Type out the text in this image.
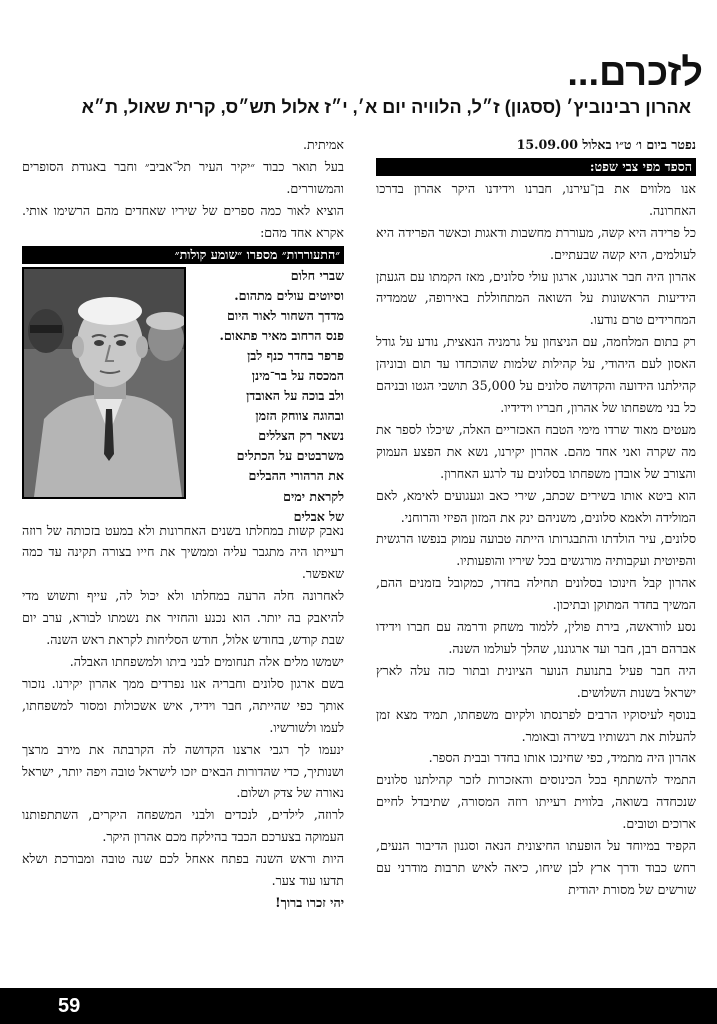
לזכרם...
אהרון רבינוביץ׳ (ססגון) ז״ל, הלוויה יום א׳, י״ז אלול תש״ס, קרית שאול, ת״א

נפטר ביום ו׳ ט״ו באלול 15.09.00

הספד מפי צבי שפט:

אנו מלווים את בן־עירנו, חברנו וידידנו היקר אהרון בדרכו האחרונה.

כל פרידה היא קשה, מעוררת מחשבות ודאגות וכאשר הפרידה היא לעולמים, היא קשה שבעתיים.

אהרון היה חבר ארגוננו, ארגון עולי סלונים, מאז הקמתו עם הגעתן הידיעות הראשונות על השואה המתחוללת באירופה, שממדיה המחרידים טרם נודעו.

רק בתום המלחמה, עם הניצחון על גרמניה הנאצית, נודע על גודל האסון לעם היהודי, על קהילות שלמות שהוכחדו עד תום ובוניהן קהילתנו הידועה והקדושה סלונים על 35,000 תושבי הגטו ובניהם כל בני משפחתו של אהרון, חבריו וידידיו.

מעטים מאוד שרדו מימי הטבח האכזריים האלה, שיכלו לספר את מה שקרה ואני אחד מהם. אהרון יקירנו, נשא את הפצע העמוק והצורב של אובדן משפחתו בסלונים עד לרגע האחרון.

הוא ביטא אותו בשירים שכתב, שירי כאב וגעגועים לאימא, לאם המולידה ולאמא סלונים, משניהם ינק את המזון הפיזי והרוחני.

סלונים, עיר הולדתו והתבגרותו הייתה טבועה עמוק בנפשו הרגשית והפיוטית ועקבותיה מורגשים בכל שיריו והופעותיו.

אהרון קבל חינוכו בסלונים תחילה בחדר, כמקובל בזמנים ההם, המשיך בחדר המתוקן ובתיכון.

נסע לווראשה, בירת פולין, ללמוד משחק ודרמה עם חברו וידידו אברהם רבן, חבר ועד ארגוננו, שהלך לעולמו השנה.

היה חבר פעיל בתנועת הנוער הציונית ובתור כזה עלה לארץ ישראל בשנות השלושים.

בנוסף לעיסוקיו הרבים לפרנסתו ולקיום משפחתו, תמיד מצא זמן להעלות את רגשותיו בשירה ובאומר.

אהרון היה מתמיד, כפי שחינכו אותו בחדר ובבית הספר.

התמיד להשתתף בכל הכינוסים והאזכרות לזכר קהילתנו סלונים שנכחדה בשואה, בלווית רעייתו רוזה המסורה, שתיבדל לחיים ארוכים וטובים.

הקפיד במיוחד על הופעתו החיצונית הנאה וסגנון הדיבור הנעים, רחש כבוד ודרך ארץ לבן שיחו, כיאה לאיש תרבות מודרני עם שורשים של מסורת יהודית

אמיתית.

בעל תואר כבוד ״יקיר העיר תל־אביב״ וחבר באגודת הסופרים והמשוררים.

הוציא לאור כמה ספרים של שיריו שאחדים מהם הרשימו אותי. אקרא אחד מהם:

״התעוררות״ מספרו ״שומע קולות״
שברי חלום
וסיוטים עולים מתהום.
מדדך השחור לאור היום
פנס הרחוב מאיר פתאום.
פרפר בחדר כנף לבן
המכסה על בר־מינן
ולב בוכה על האובדן
ובהוגה צווחק הזמן
נשאר רק הצללים
משרבטים על הכתלים
את הרהורי ההבלים
לקראת ימים
של אבלים

נאבק קשות במחלתו בשנים האחרונות ולא במעט בזכותה של רוזה רעייתו היה מתגבר עליה וממשיך את חייו בצורה תקינה עד כמה שאפשר.

לאחרונה חלה הרעה במחלתו ולא יכול לה, עייף ותשוש מדי להיאבק בה יותר. הוא נכנע והחזיר את נשמתו לבורא, ערב יום שבת קודש, בחודש אלול, חודש הסליחות לקראת ראש השנה.

ישמשו מלים אלה תנחומים לבני ביתו ולמשפחתו האבלה.

בשם ארגון סלונים וחבריה אנו נפרדים ממך אהרון יקירנו. נזכור אותך כפי שהייתה, חבר וידיד, איש אשכולות ומסור למשפחתו, לעמו ולשורשיו.

ינעמו לך רגבי ארצנו הקדושה לה הקרבתה את מירב מרצך ושנותיך, כדי שהדורות הבאים יזכו לישראל טובה ויפה יותר, ישראל נאורה של צדק ושלום.

לרוזה, לילדים, לנכדים ולבני המשפחה היקרים, השתתפותנו העמוקה בצערכם הכבד בהילקח מכם אהרון היקר.

היות וראש השנה בפתח אאחל לכם שנה טובה ומבורכת ושלא תדעו עוד צער.

יהי זכרו ברוך!

59
